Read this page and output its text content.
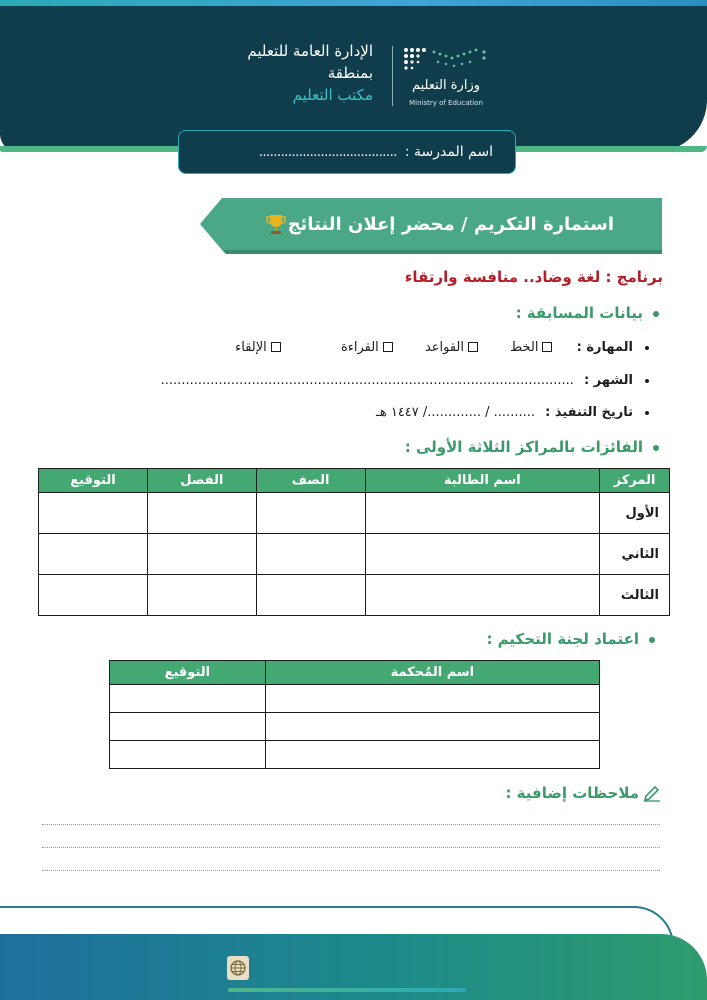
الإدارة العامة للتعليم
بمنطقة
مكتب التعليم
وزارة التعليم
Ministry of Education
اسم المدرسة :
......................................
استمارة التكريم / محضر إعلان النتائج
برنامج : لغة وضاد.. منافسة وارتقاء
بيانات المسابقة :
المهارة : الخط القواعد القراءة الإلقاء
الشهر : ....................................................................................................
تاريخ التنفيذ : .......... / ............./ ١٤٤٧ هـ
الفائزات بالمراكز الثلاثة الأولى :
المركز	اسم الطالبة	الصف	الفصل	التوقيع
الأول				
الثاني				
الثالث				
اعتماد لجنة التحكيم :
اسم المُحكمة	التوقيع

ملاحظات إضافية :
